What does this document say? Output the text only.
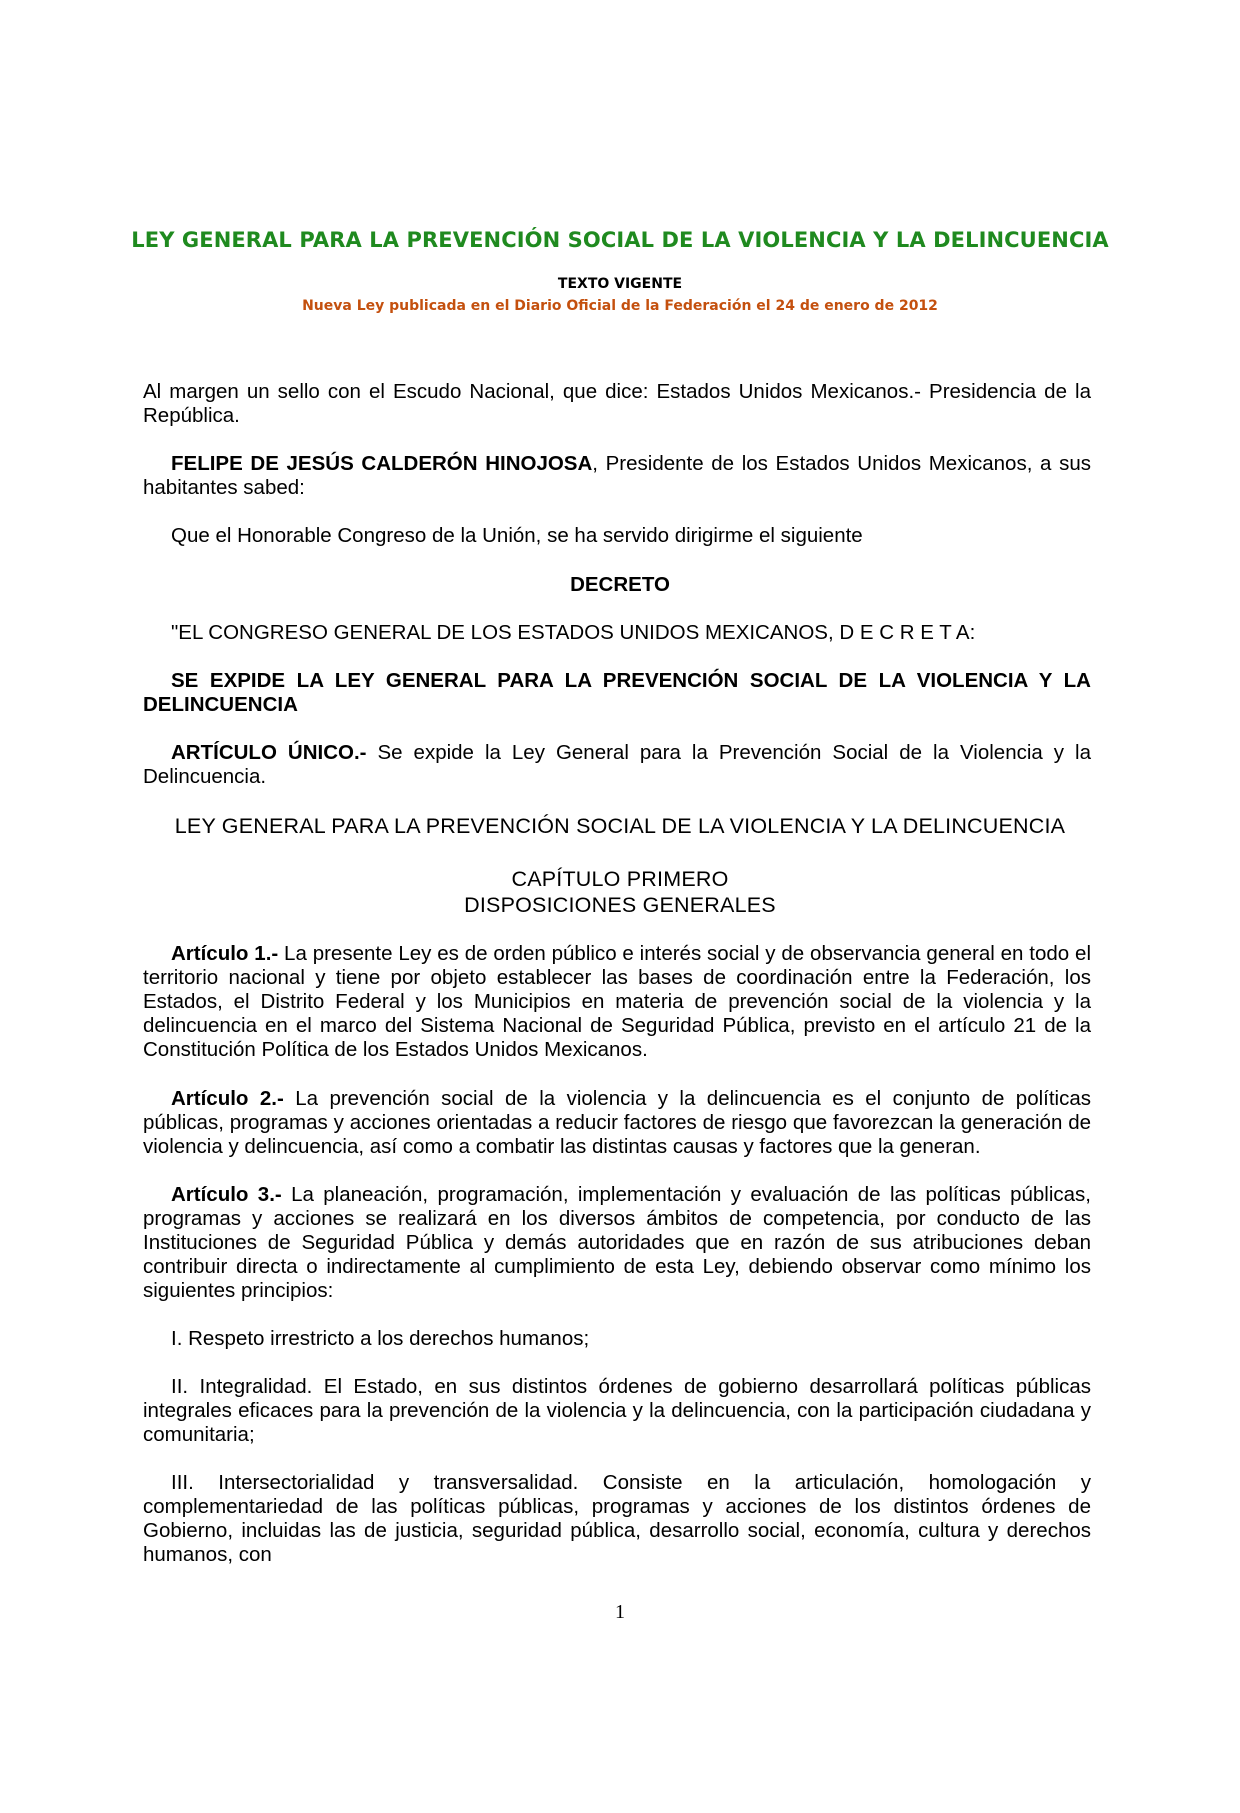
LEY GENERAL PARA LA PREVENCIÓN SOCIAL DE LA VIOLENCIA Y LA DELINCUENCIA
TEXTO VIGENTE
Nueva Ley publicada en el Diario Oficial de la Federación el 24 de enero de 2012
Al margen un sello con el Escudo Nacional, que dice: Estados Unidos Mexicanos.- Presidencia de la República.
FELIPE DE JESÚS CALDERÓN HINOJOSA, Presidente de los Estados Unidos Mexicanos, a sus habitantes sabed:
Que el Honorable Congreso de la Unión, se ha servido dirigirme el siguiente
DECRETO
"EL CONGRESO GENERAL DE LOS ESTADOS UNIDOS MEXICANOS, D E C R E T A:
SE EXPIDE LA LEY GENERAL PARA LA PREVENCIÓN SOCIAL DE LA VIOLENCIA Y LA DELINCUENCIA
ARTÍCULO ÚNICO.- Se expide la Ley General para la Prevención Social de la Violencia y la Delincuencia.
LEY GENERAL PARA LA PREVENCIÓN SOCIAL DE LA VIOLENCIA Y LA DELINCUENCIA
CAPÍTULO PRIMERO
DISPOSICIONES GENERALES
Artículo 1.- La presente Ley es de orden público e interés social y de observancia general en todo el territorio nacional y tiene por objeto establecer las bases de coordinación entre la Federación, los Estados, el Distrito Federal y los Municipios en materia de prevención social de la violencia y la delincuencia en el marco del Sistema Nacional de Seguridad Pública, previsto en el artículo 21 de la Constitución Política de los Estados Unidos Mexicanos.
Artículo 2.- La prevención social de la violencia y la delincuencia es el conjunto de políticas públicas, programas y acciones orientadas a reducir factores de riesgo que favorezcan la generación de violencia y delincuencia, así como a combatir las distintas causas y factores que la generan.
Artículo 3.- La planeación, programación, implementación y evaluación de las políticas públicas, programas y acciones se realizará en los diversos ámbitos de competencia, por conducto de las Instituciones de Seguridad Pública y demás autoridades que en razón de sus atribuciones deban contribuir directa o indirectamente al cumplimiento de esta Ley, debiendo observar como mínimo los siguientes principios:
I. Respeto irrestricto a los derechos humanos;
II. Integralidad. El Estado, en sus distintos órdenes de gobierno desarrollará políticas públicas integrales eficaces para la prevención de la violencia y la delincuencia, con la participación ciudadana y comunitaria;
III. Intersectorialidad y transversalidad. Consiste en la articulación, homologación y complementariedad de las políticas públicas, programas y acciones de los distintos órdenes de Gobierno, incluidas las de justicia, seguridad pública, desarrollo social, economía, cultura y derechos humanos, con
1
